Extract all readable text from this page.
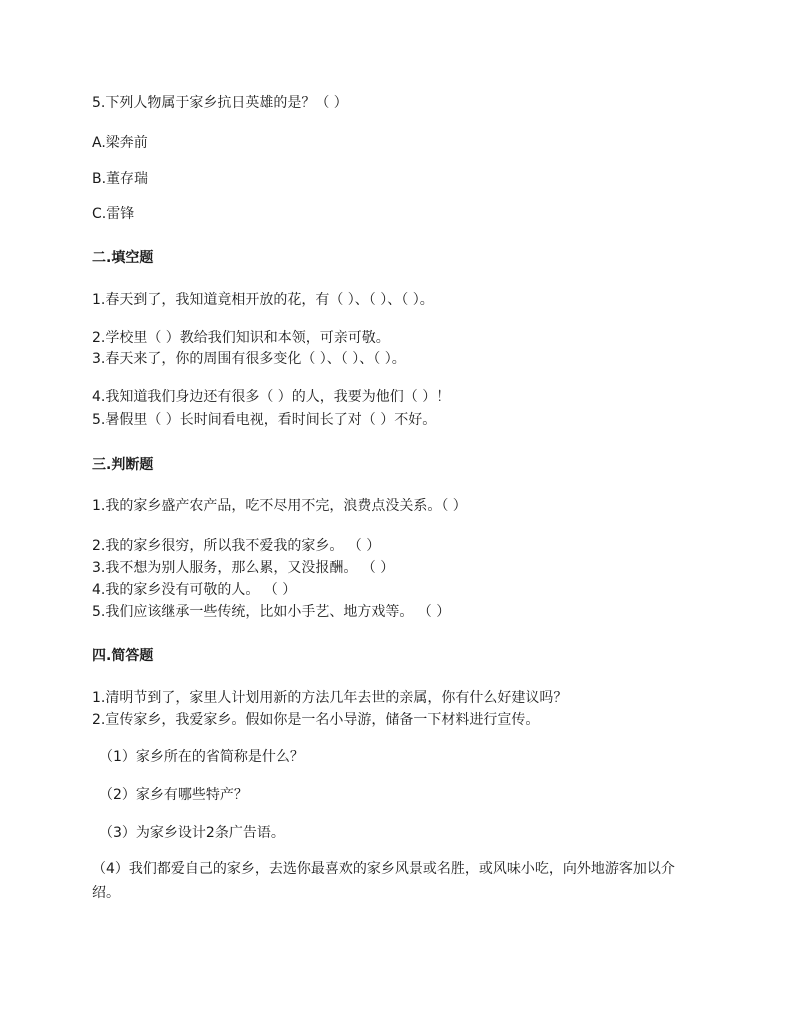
5.下列人物属于家乡抗日英雄的是？（ ）
A.梁奔前
B.董存瑞
C.雷锋
二.填空题
1.春天到了，我知道竟相开放的花，有（ ）、（ ）、（ ）。
2.学校里（ ）教给我们知识和本领，可亲可敬。
3.春天来了，你的周围有很多变化（ ）、（ ）、（ ）。
4.我知道我们身边还有很多（ ）的人，我要为他们（ ）！
5.暑假里（ ）长时间看电视，看时间长了对（ ）不好。
三.判断题
1.我的家乡盛产农产品，吃不尽用不完，浪费点没关系。（ ）
2.我的家乡很穷，所以我不爱我的家乡。 （ ）
3.我不想为别人服务，那么累，又没报酬。 （ ）
4.我的家乡没有可敬的人。 （ ）
5.我们应该继承一些传统，比如小手艺、地方戏等。 （ ）
四.简答题
1.清明节到了，家里人计划用新的方法几年去世的亲属，你有什么好建议吗？
2.宣传家乡，我爱家乡。假如你是一名小导游，储备一下材料进行宣传。
（1）家乡所在的省简称是什么？
（2）家乡有哪些特产？
（3）为家乡设计2条广告语。
（4）我们都爱自己的家乡，去选你最喜欢的家乡风景或名胜，或风味小吃，向外地游客加以介绍。
